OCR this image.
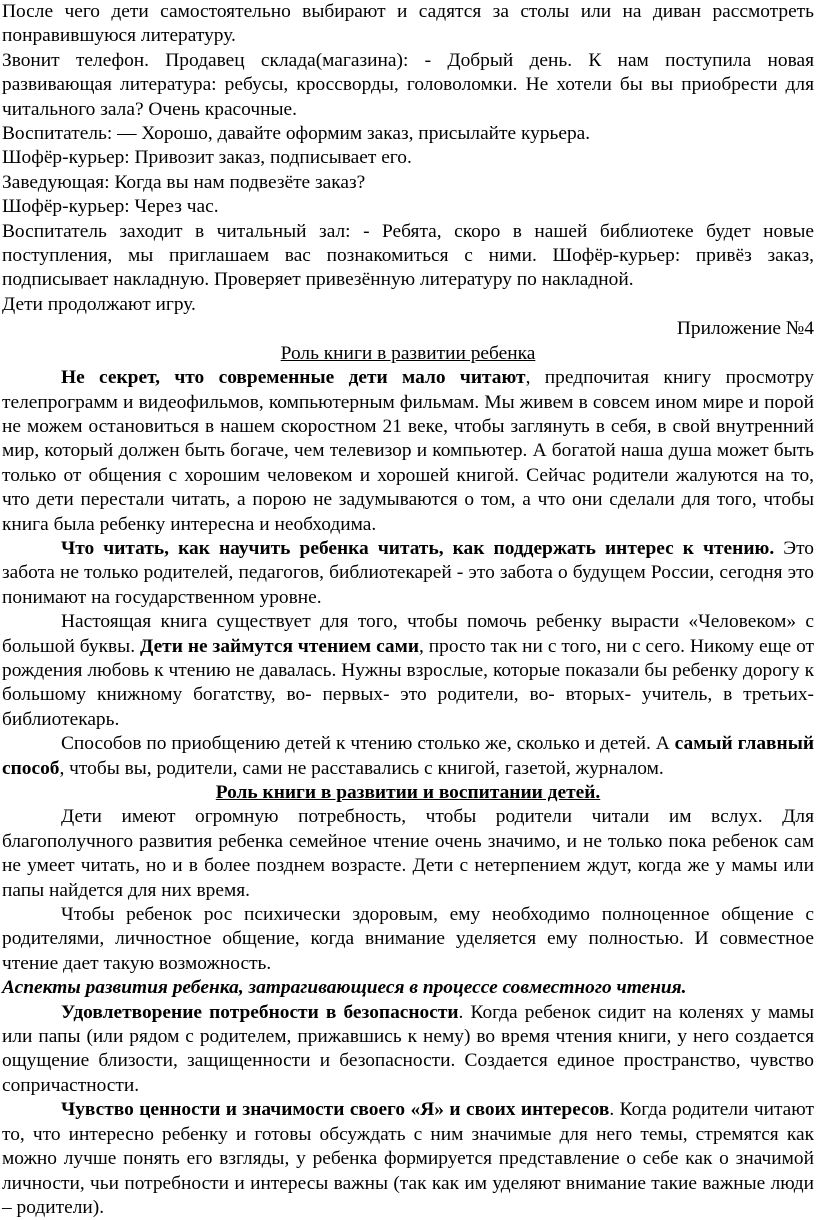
После чего дети самостоятельно выбирают и садятся за столы или на диван рассмотреть понравившуюся литературу.

Звонит телефон. Продавец склада(магазина): - Добрый день. К нам поступила новая развивающая литература: ребусы, кроссворды, головоломки. Не хотели бы вы приобрести для читального зала? Очень красочные.

Воспитатель: — Хорошо, давайте оформим заказ, присылайте курьера.

Шофёр-курьер: Привозит заказ, подписывает его.

Заведующая: Когда вы нам подвезёте заказ?

Шофёр-курьер: Через час.

Воспитатель заходит в читальный зал: - Ребята, скоро в нашей библиотеке будет новые поступления, мы приглашаем вас познакомиться с ними. Шофёр-курьер: привёз заказ, подписывает накладную. Проверяет привезённую литературу по накладной.

Дети продолжают игру.

Приложение №4

Роль книги в развитии ребенка

Не секрет, что современные дети мало читают, предпочитая книгу просмотру телепрограмм и видеофильмов, компьютерным фильмам. Мы живем в совсем ином мире и порой не можем остановиться в нашем скоростном 21 веке, чтобы заглянуть в себя, в свой внутренний мир, который должен быть богаче, чем телевизор и компьютер. А богатой наша душа может быть только от общения с хорошим человеком и хорошей книгой. Сейчас родители жалуются на то, что дети перестали читать, а порою не задумываются о том, а что они сделали для того, чтобы книга была ребенку интересна и необходима.

Что читать, как научить ребенка читать, как поддержать интерес к чтению. Это забота не только родителей, педагогов, библиотекарей - это забота о будущем России, сегодня это понимают на государственном уровне.

Настоящая книга существует для того, чтобы помочь ребенку вырасти «Человеком» с большой буквы. Дети не займутся чтением сами, просто так ни с того, ни с сего. Никому еще от рождения любовь к чтению не давалась. Нужны взрослые, которые показали бы ребенку дорогу к большому книжному богатству, во- первых- это родители, во- вторых- учитель, в третьих- библиотекарь.

Способов по приобщению детей к чтению столько же, сколько и детей. А самый главный способ, чтобы вы, родители, сами не расставались с книгой, газетой, журналом.

Роль книги в развитии и воспитании детей.

Дети имеют огромную потребность, чтобы родители читали им вслух. Для благополучного развития ребенка семейное чтение очень значимо, и не только пока ребенок сам не умеет читать, но и в более позднем возрасте. Дети с нетерпением ждут, когда же у мамы или папы найдется для них время.

Чтобы ребенок рос психически здоровым, ему необходимо полноценное общение с родителями, личностное общение, когда внимание уделяется ему полностью. И совместное чтение дает такую возможность.

Аспекты развития ребенка, затрагивающиеся в процессе совместного чтения.

Удовлетворение потребности в безопасности. Когда ребенок сидит на коленях у мамы или папы (или рядом с родителем, прижавшись к нему) во время чтения книги, у него создается ощущение близости, защищенности и безопасности. Создается единое пространство, чувство сопричастности.

Чувство ценности и значимости своего «Я» и своих интересов. Когда родители читают то, что интересно ребенку и готовы обсуждать с ним значимые для него темы, стремятся как можно лучше понять его взгляды, у ребенка формируется представление о себе как о значимой личности, чьи потребности и интересы важны (так как им уделяют внимание такие важные люди – родители).
